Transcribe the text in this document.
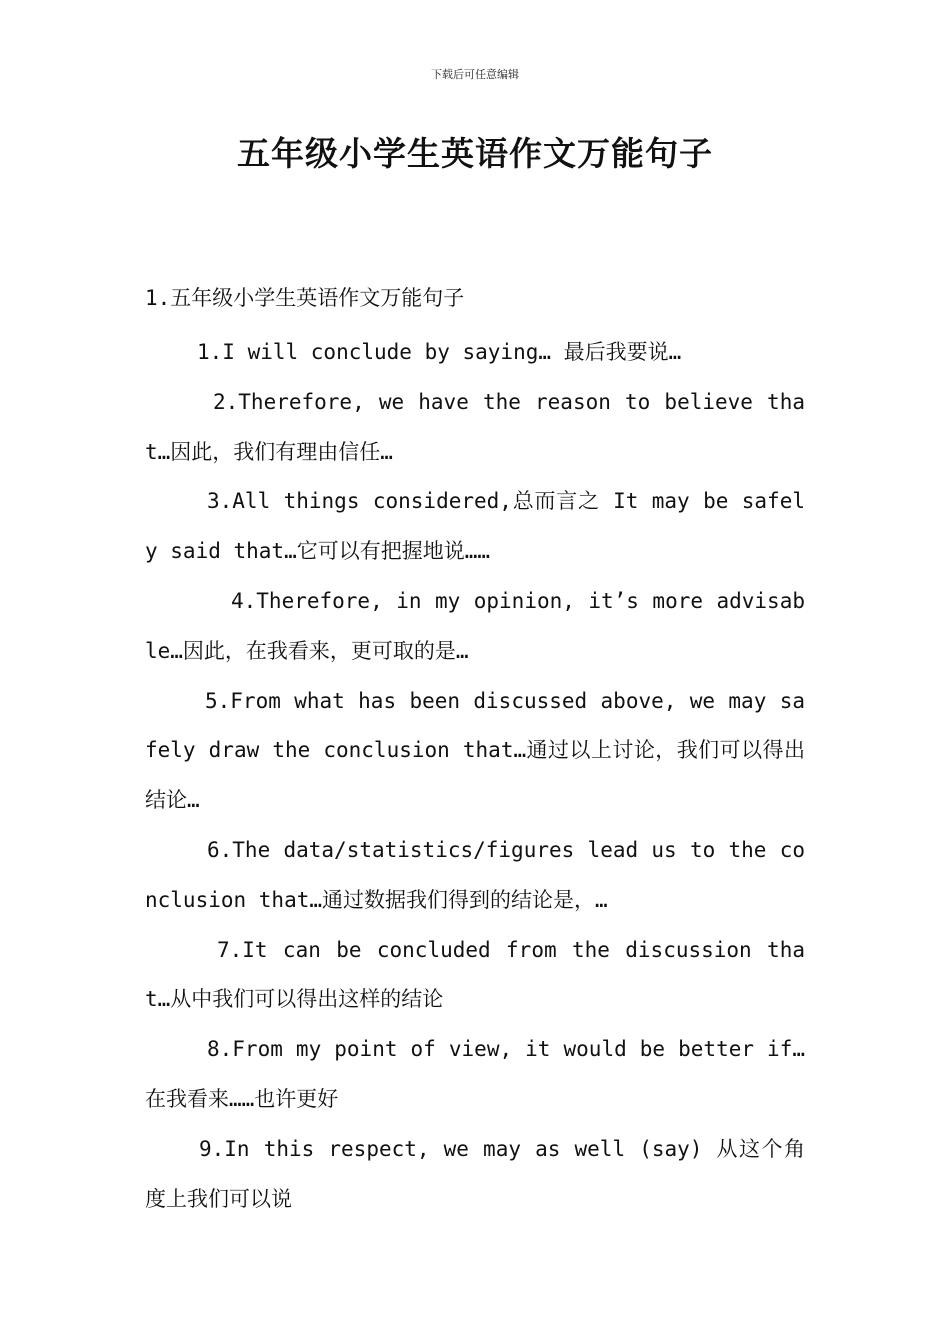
下载后可任意编辑
五年级小学生英语作文万能句子
1.五年级小学生英语作文万能句子
1.I will conclude by saying… 最后我要说…
2.Therefore, we have the reason to believe that…因此，我们有理由信任…
3.All things considered,总而言之 It may be safely said that…它可以有把握地说……
4.Therefore, in my opinion, it’s more advisable…因此，在我看来，更可取的是…
5.From what has been discussed above, we may safely draw the conclusion that…通过以上讨论，我们可以得出结论…
6.The data/statistics/figures lead us to the conclusion that…通过数据我们得到的结论是，…
7.It can be concluded from the discussion that…从中我们可以得出这样的结论
8.From my point of view, it would be better if…在我看来……也许更好
9.In this respect, we may as well (say) 从这个角度上我们可以说
